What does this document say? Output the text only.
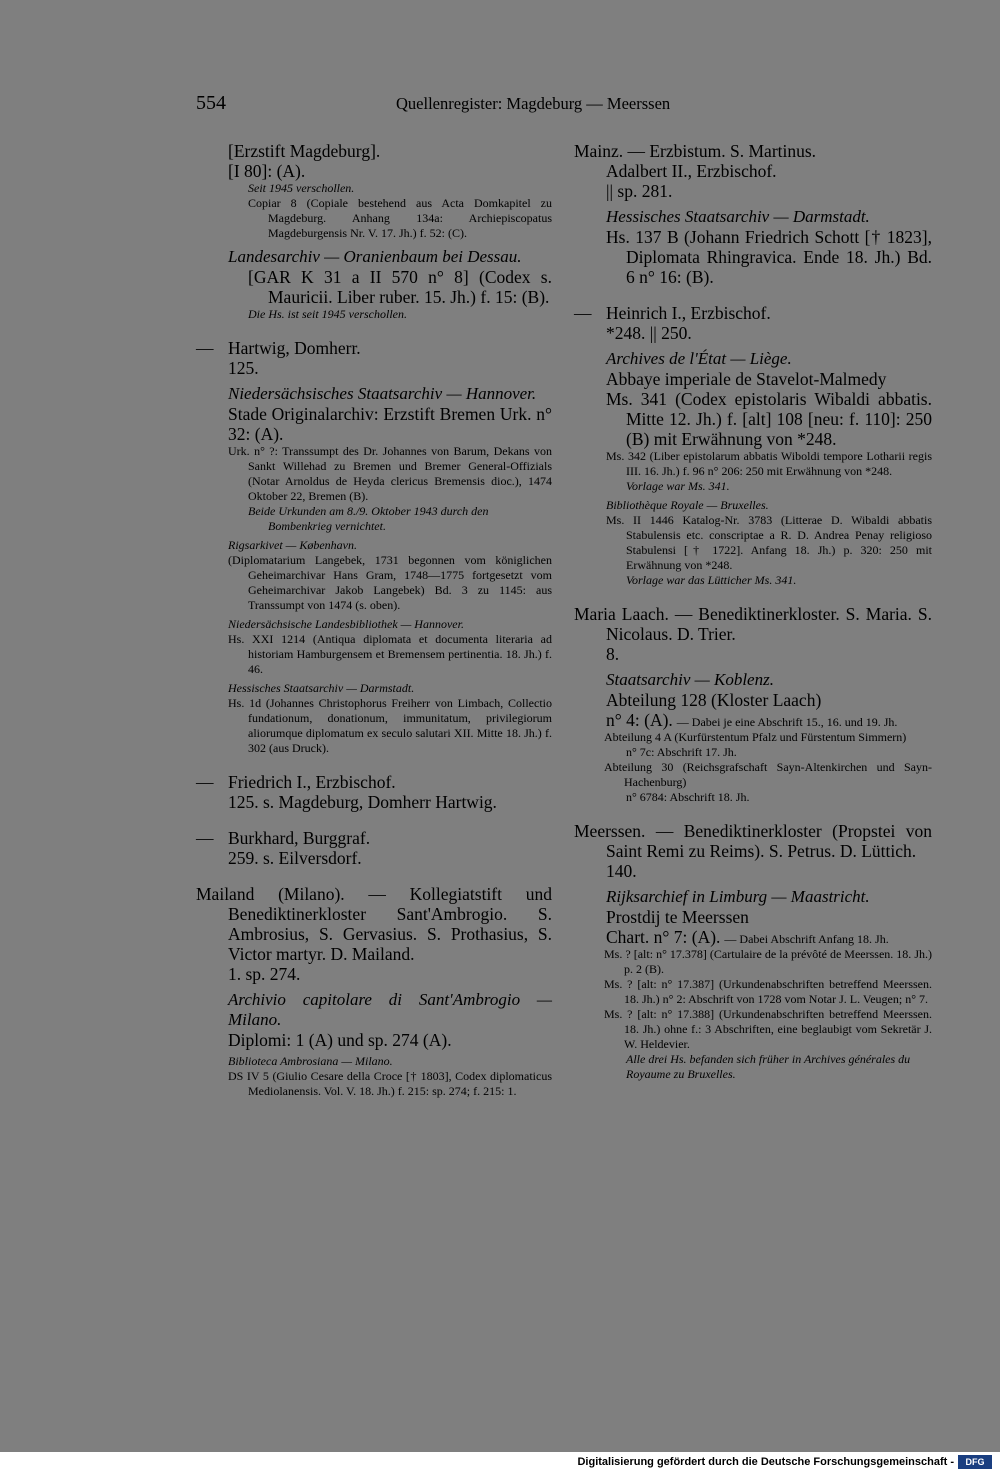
554	Quellenregister: Magdeburg — Meerssen
[Erzstift Magdeburg].
[I 80]: (A).
Seit 1945 verschollen.
Copiar 8 (Copiale bestehend aus Acta Domkapitel zu Magdeburg. Anhang 134a: Archiepiscopatus Magdeburgensis Nr. V. 17. Jh.) f. 52: (C).
Landesarchiv — Oranienbaum bei Dessau.
[GAR K 31 a II 570 n° 8] (Codex s. Mauricii. Liber ruber. 15. Jh.) f. 15: (B).
Die Hs. ist seit 1945 verschollen.
— Hartwig, Domherr.
125.
Niedersächsisches Staatsarchiv — Hannover.
Stade Originalarchiv: Erzstift Bremen Urk. n° 32: (A).
Urk. n° ?: Transsumpt des Dr. Johannes von Barum, Dekans von Sankt Willehad zu Bremen und Bremer General-Offizials (Notar Arnoldus de Heyda clericus Bremensis dioc.), 1474 Oktober 22, Bremen (B).
Beide Urkunden am 8./9. Oktober 1943 durch den Bombenkrieg vernichtet.
Rigsarkivet — København.
(Diplomatarium Langebek, 1731 begonnen vom königlichen Geheimarchivar Hans Gram, 1748—1775 fortgesetzt vom Geheimarchivar Jakob Langebek) Bd. 3 zu 1145: aus Transsumpt von 1474 (s. oben).
Niedersächsische Landesbibliothek — Hannover.
Hs. XXI 1214 (Antiqua diplomata et documenta literaria ad historiam Hamburgensem et Bremensem pertinentia. 18. Jh.) f. 46.
Hessisches Staatsarchiv — Darmstadt.
Hs. 1d (Johannes Christophorus Freiherr von Limbach, Collectio fundationum, donationum, immunitatum, privilegiorum aliorumque diplomatum ex seculo salutari XII. Mitte 18. Jh.) f. 302 (aus Druck).
— Friedrich I., Erzbischof.
125. s. Magdeburg, Domherr Hartwig.
— Burkhard, Burggraf.
259. s. Eilversdorf.
Mailand (Milano). — Kollegiatstift und Benediktinerkloster Sant'Ambrogio. S. Ambrosius, S. Gervasius. S. Prothasius, S. Victor martyr. D. Mailand.
1. sp. 274.
Archivio capitolare di Sant'Ambrogio — Milano.
Diplomi: 1 (A) und sp. 274 (A).
Biblioteca Ambrosiana — Milano.
DS IV 5 (Giulio Cesare della Croce [† 1803], Codex diplomaticus Mediolanensis. Vol. V. 18. Jh.) f. 215: sp. 274; f. 215: 1.
Mainz. — Erzbistum. S. Martinus.
Adalbert II., Erzbischof.
|| sp. 281.
Hessisches Staatsarchiv — Darmstadt.
Hs. 137 B (Johann Friedrich Schott [† 1823], Diplomata Rhingravica. Ende 18. Jh.) Bd. 6 n° 16: (B).
— Heinrich I., Erzbischof.
*248. || 250.
Archives de l'État — Liège.
Abbaye imperiale de Stavelot-Malmedy
Ms. 341 (Codex epistolaris Wibaldi abbatis. Mitte 12. Jh.) f. [alt] 108 [neu: f. 110]: 250 (B) mit Erwähnung von *248.
Ms. 342 (Liber epistolarum abbatis Wiboldi tempore Lotharii regis III. 16. Jh.) f. 96 n° 206: 250 mit Erwähnung von *248.
Vorlage war Ms. 341.
Bibliothèque Royale — Bruxelles.
Ms. II 1446 Katalog-Nr. 3783 (Litterae D. Wibaldi abbatis Stabulensis etc. conscriptae a R. D. Andrea Penay religioso Stabulensi [† 1722]. Anfang 18. Jh.) p. 320: 250 mit Erwähnung von *248.
Vorlage war das Lütticher Ms. 341.
Maria Laach. — Benediktinerkloster. S. Maria. S. Nicolaus. D. Trier.
8.
Staatsarchiv — Koblenz.
Abteilung 128 (Kloster Laach)
n° 4: (A). — Dabei je eine Abschrift 15., 16. und 19. Jh.
Abteilung 4 A (Kurfürstentum Pfalz und Fürstentum Simmern)
n° 7c: Abschrift 17. Jh.
Abteilung 30 (Reichsgrafschaft Sayn-Altenkirchen und Sayn-Hachenburg)
n° 6784: Abschrift 18. Jh.
Meerssen. — Benediktinerkloster (Propstei von Saint Remi zu Reims). S. Petrus. D. Lüttich.
140.
Rijksarchief in Limburg — Maastricht.
Prostdij te Meerssen
Chart. n° 7: (A). — Dabei Abschrift Anfang 18. Jh.
Ms. ? [alt: n° 17.378] (Cartulaire de la prévôté de Meerssen. 18. Jh.) p. 2 (B).
Ms. ? [alt: n° 17.387] (Urkundenabschriften betreffend Meerssen. 18. Jh.) n° 2: Abschrift von 1728 vom Notar J. L. Veugen; n° 7.
Ms. ? [alt: n° 17.388] (Urkundenabschriften betreffend Meerssen. 18. Jh.) ohne f.: 3 Abschriften, eine beglaubigt vom Sekretär J. W. Heldevier.
Alle drei Hs. befanden sich früher in Archives générales du Royaume zu Bruxelles.
Digitalisierung gefördert durch die Deutsche Forschungsgemeinschaft -	DFG
